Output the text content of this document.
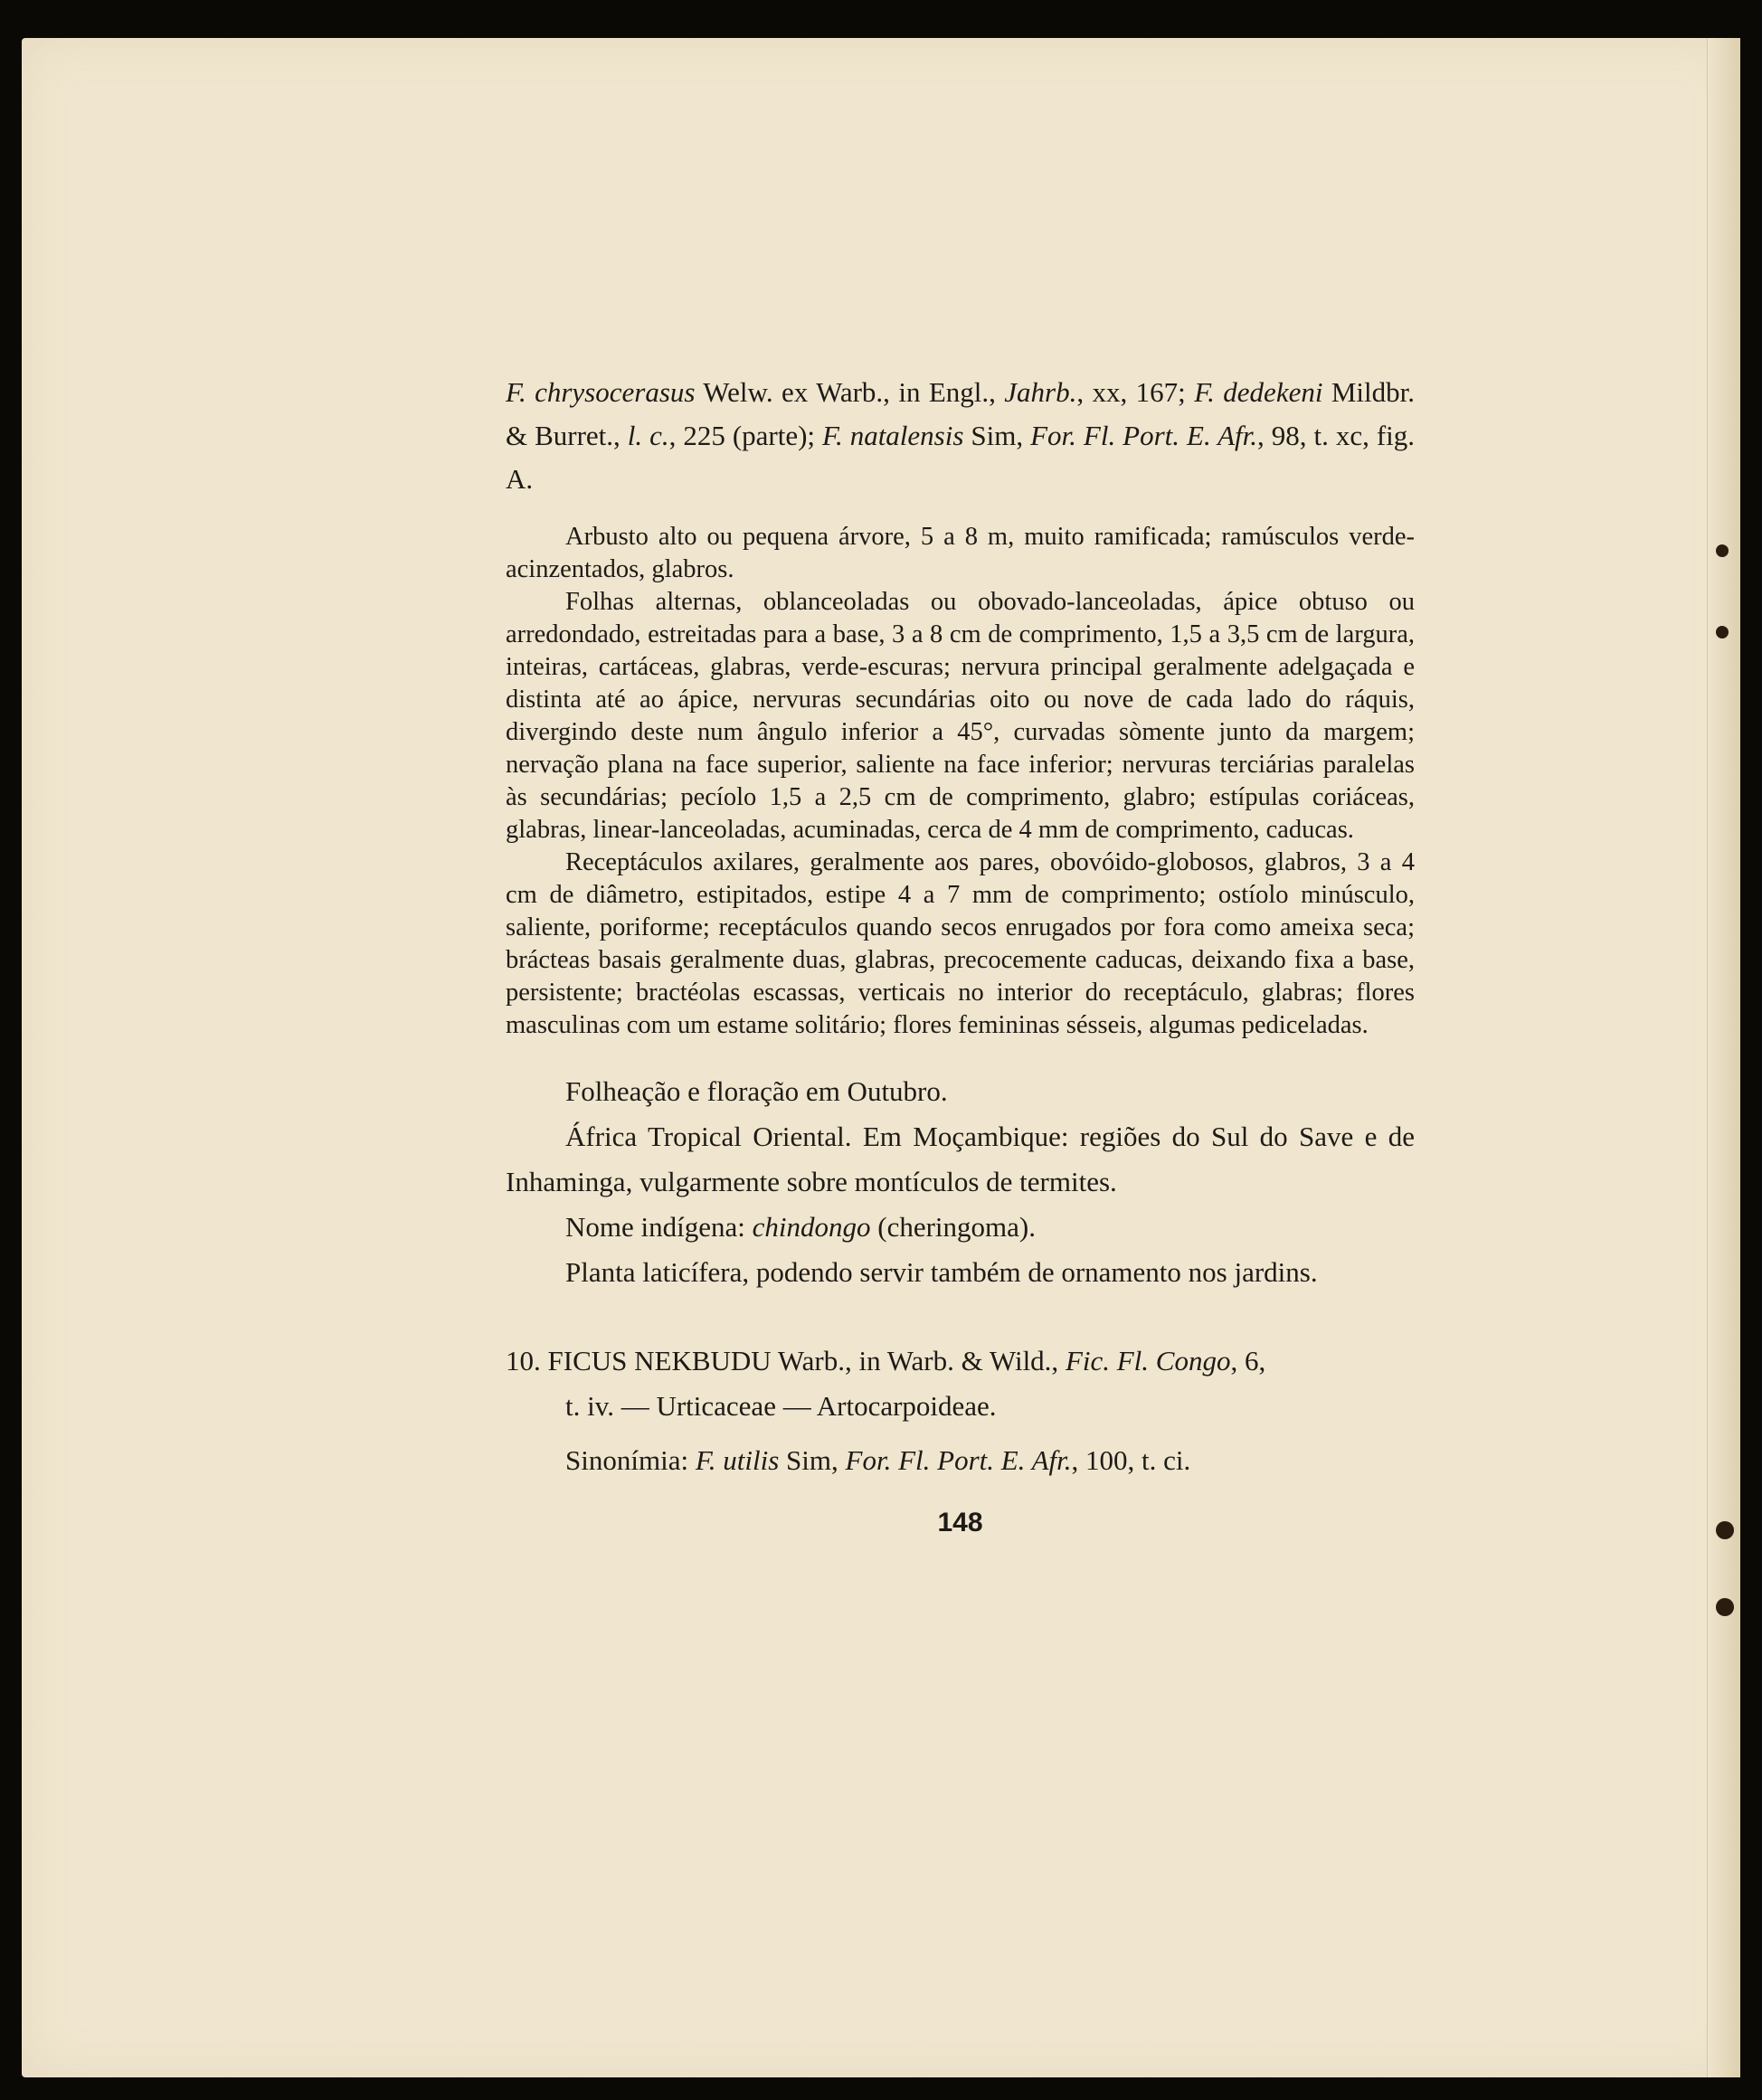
F. chrysocerasus Welw. ex Warb., in Engl., Jahrb., xx, 167; F. dedekeni Mildbr. & Burret., l. c., 225 (parte); F. natalensis Sim, For. Fl. Port. E. Afr., 98, t. xc, fig. A.

Arbusto alto ou pequena árvore, 5 a 8 m, muito ramificada; ramúsculos verde-acinzentados, glabros.

Folhas alternas, oblanceoladas ou obovado-lanceoladas, ápice obtuso ou arredondado, estreitadas para a base, 3 a 8 cm de comprimento, 1,5 a 3,5 cm de largura, inteiras, cartáceas, glabras, verde-escuras; nervura principal geralmente adelgaçada e distinta até ao ápice, nervuras secundárias oito ou nove de cada lado do ráquis, divergindo deste num ângulo inferior a 45°, curvadas sòmente junto da margem; nervação plana na face superior, saliente na face inferior; nervuras terciárias paralelas às secundárias; pecíolo 1,5 a 2,5 cm de comprimento, glabro; estípulas coriáceas, glabras, linear-lanceoladas, acuminadas, cerca de 4 mm de comprimento, caducas.

Receptáculos axilares, geralmente aos pares, obovóido-globosos, glabros, 3 a 4 cm de diâmetro, estipitados, estipe 4 a 7 mm de comprimento; ostíolo minúsculo, saliente, poriforme; receptáculos quando secos enrugados por fora como ameixa seca; brácteas basais geralmente duas, glabras, precocemente caducas, deixando fixa a base, persistente; bractéolas escassas, verticais no interior do receptáculo, glabras; flores masculinas com um estame solitário; flores femininas sésseis, algumas pediceladas.

Folheação e floração em Outubro.

África Tropical Oriental. Em Moçambique: regiões do Sul do Save e de Inhaminga, vulgarmente sobre montículos de termites.

Nome indígena: chindongo (cheringoma).

Planta laticífera, podendo servir também de ornamento nos jardins.

10. FICUS NEKBUDU Warb., in Warb. & Wild., Fic. Fl. Congo, 6,

t. iv. — Urticaceae — Artocarpoideae.

Sinonímia: F. utilis Sim, For. Fl. Port. E. Afr., 100, t. ci.

148
